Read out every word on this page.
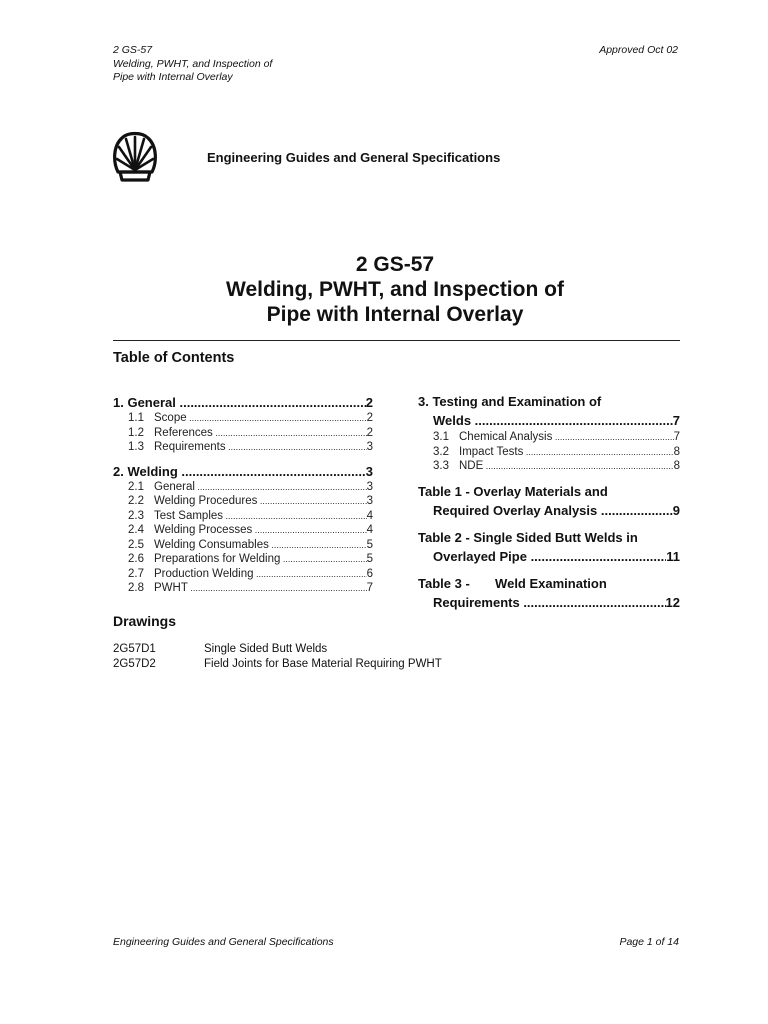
2 GS-57
Welding, PWHT, and Inspection of
Pipe with Internal Overlay
Approved Oct 02
Engineering Guides and General Specifications
2 GS-57
Welding, PWHT, and Inspection of
Pipe with Internal Overlay
Table of Contents
1. General .....	2
1.1 Scope .....	2
1.2 References .....	2
1.3 Requirements .....	3
2. Welding .....	3
2.1 General .....	3
2.2 Welding Procedures .....	3
2.3 Test Samples .....	4
2.4 Welding Processes .....	4
2.5 Welding Consumables .....	5
2.6 Preparations for Welding .....	5
2.7 Production Welding .....	6
2.8 PWHT .....	7
3. Testing and Examination of
Welds .....	7
3.1 Chemical Analysis .....	7
3.2 Impact Tests .....	8
3.3 NDE .....	8
Table 1 - Overlay Materials and
Required Overlay Analysis .....	9
Table 2 - Single Sided Butt Welds in
Overlayed Pipe .....	11
Table 3 -       Weld Examination
Requirements .....	12
Drawings
2G57D1	Single Sided Butt Welds
2G57D2	Field Joints for Base Material Requiring PWHT
Engineering Guides and General Specifications	Page 1 of 14
